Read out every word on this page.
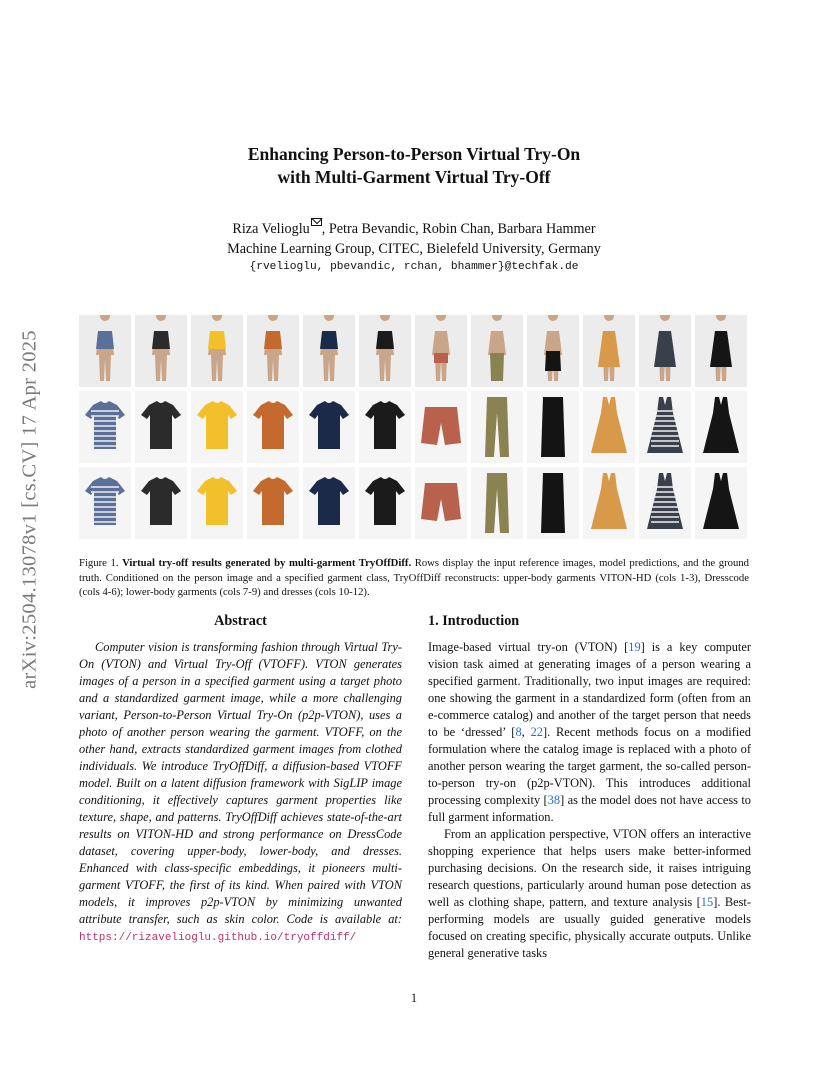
Enhancing Person-to-Person Virtual Try-On
with Multi-Garment Virtual Try-Off
Riza Velioglu , Petra Bevandic, Robin Chan, Barbara Hammer
Machine Learning Group, CITEC, Bielefeld University, Germany
{rvelioglu, pbevandic, rchan, bhammer}@techfak.de
arXiv:2504.13078v1 [cs.CV] 17 Apr 2025	Figure 1. Virtual try-off results generated by multi-garment TryOffDiff. Rows display the input reference images, model predictions, and the ground truth. Conditioned on the person image and a specified garment class, TryOffDiff reconstructs: upper-body garments VITON-HD (cols 1-3), Dresscode (cols 4-6); lower-body garments (cols 7-9) and dresses (cols 10-12).
Abstract

Computer vision is transforming fashion through Virtual Try-On (VTON) and Virtual Try-Off (VTOFF). VTON generates images of a person in a specified garment using a target photo and a standardized garment image, while a more challenging variant, Person-to-Person Virtual Try-On (p2p-VTON), uses a photo of another person wearing the garment. VTOFF, on the other hand, extracts standardized garment images from clothed individuals. We introduce TryOffDiff, a diffusion-based VTOFF model. Built on a latent diffusion framework with SigLIP image conditioning, it effectively captures garment properties like texture, shape, and patterns. TryOffDiff achieves state-of-the-art results on VITON-HD and strong performance on DressCode dataset, covering upper-body, lower-body, and dresses. Enhanced with class-specific embeddings, it pioneers multi-garment VTOFF, the first of its kind. When paired with VTON models, it improves p2p-VTON by minimizing unwanted attribute transfer, such as skin color. Code is available at: https://rizavelioglu.github.io/tryoffdiff/

1. Introduction

Image-based virtual try-on (VTON) [19] is a key computer vision task aimed at generating images of a person wearing a specified garment. Traditionally, two input images are required: one showing the garment in a standardized form (often from an e-commerce catalog) and another of the target person that needs to be ‘dressed’ [8, 22]. Recent methods focus on a modified formulation where the catalog image is replaced with a photo of another person wearing the target garment, the so-called person-to-person try-on (p2p-VTON). This introduces additional processing complexity [38] as the model does not have access to full garment information.

From an application perspective, VTON offers an interactive shopping experience that helps users make better-informed purchasing decisions. On the research side, it raises intriguing research questions, particularly around human pose detection as well as clothing shape, pattern, and texture analysis [15]. Best-performing models are usually guided generative models focused on creating specific, physically accurate outputs. Unlike general generative tasks

1
